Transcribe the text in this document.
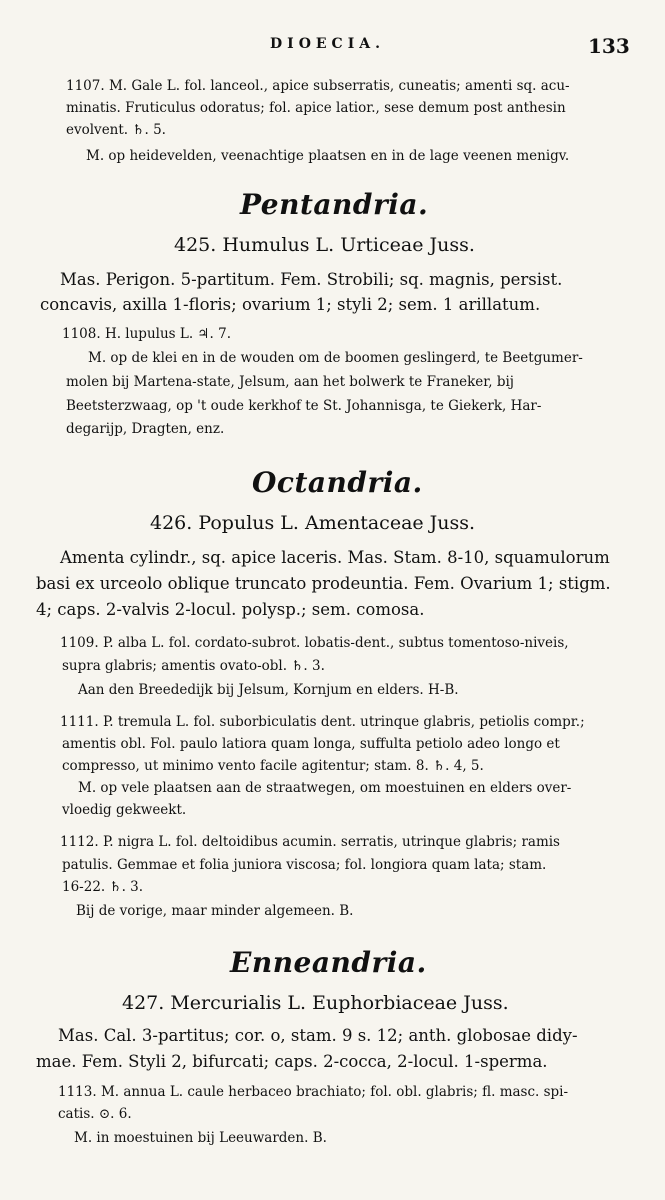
DIOECIA.	133
1107. M. Gale L. fol. lanceol., apice subserratis, cuneatis; amenti sq. acu-
minatis. Fruticulus odoratus; fol. apice latior., sese demum post anthesin
evolvent. ♄. 5.
M. op heidevelden, veenachtige plaatsen en in de lage veenen menigv.
Pentandria.
425. Humulus L. Urticeae Juss.
Mas. Perigon. 5-partitum. Fem. Strobili; sq. magnis, persist.
concavis, axilla 1-floris; ovarium 1; styli 2; sem. 1 arillatum.
1108. H. lupulus L. ♃. 7.
M. op de klei en in de wouden om de boomen geslingerd, te Beetgumer-
molen bij Martena-state, Jelsum, aan het bolwerk te Franeker, bij
Beetsterzwaag, op 't oude kerkhof te St. Johannisga, te Giekerk, Har-
degarijp, Dragten, enz.
Octandria.
426. Populus L. Amentaceae Juss.
Amenta cylindr., sq. apice laceris. Mas. Stam. 8-10, squamulorum
basi ex urceolo oblique truncato prodeuntia. Fem. Ovarium 1; stigm.
4; caps. 2-valvis 2-locul. polysp.; sem. comosa.
1109. P. alba L. fol. cordato-subrot. lobatis-dent., subtus tomentoso-niveis,
supra glabris; amentis ovato-obl. ♄. 3.
Aan den Breededijk bij Jelsum, Kornjum en elders. H-B.
1111. P. tremula L. fol. suborbiculatis dent. utrinque glabris, petiolis compr.;
amentis obl. Fol. paulo latiora quam longa, suffulta petiolo adeo longo et
compresso, ut minimo vento facile agitentur; stam. 8. ♄. 4, 5.
M. op vele plaatsen aan de straatwegen, om moestuinen en elders over-
vloedig gekweekt.
1112. P. nigra L. fol. deltoidibus acumin. serratis, utrinque glabris; ramis
patulis. Gemmae et folia juniora viscosa; fol. longiora quam lata; stam.
16-22. ♄. 3.
Bij de vorige, maar minder algemeen. B.
Enneandria.
427. Mercurialis L. Euphorbiaceae Juss.
Mas. Cal. 3-partitus; cor. o, stam. 9 s. 12; anth. globosae didy-
mae. Fem. Styli 2, bifurcati; caps. 2-cocca, 2-locul. 1-sperma.
1113. M. annua L. caule herbaceo brachiato; fol. obl. glabris; fl. masc. spi-
catis. ⊙. 6.
M. in moestuinen bij Leeuwarden. B.
